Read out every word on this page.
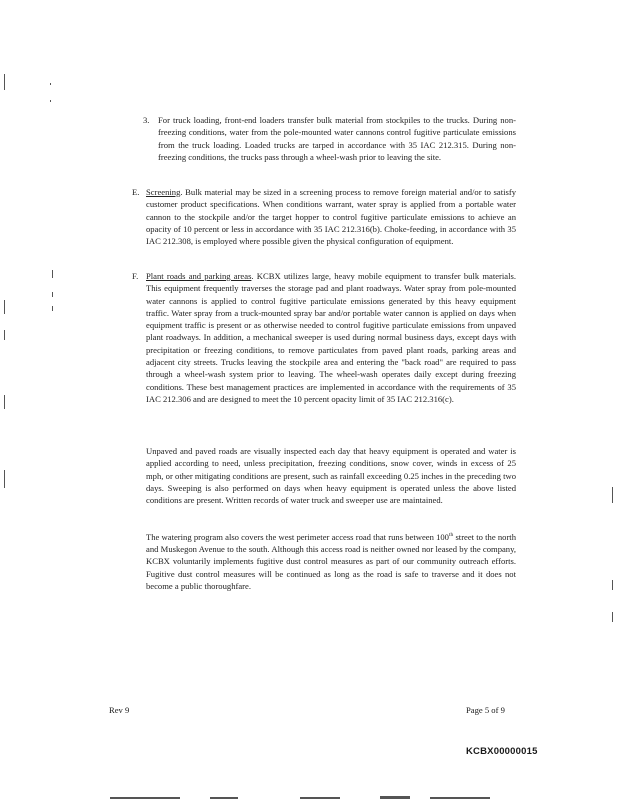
3. For truck loading, front-end loaders transfer bulk material from stockpiles to the trucks. During non-freezing conditions, water from the pole-mounted water cannons control fugitive particulate emissions from the truck loading. Loaded trucks are tarped in accordance with 35 IAC 212.315. During non-freezing conditions, the trucks pass through a wheel-wash prior to leaving the site.
E. Screening. Bulk material may be sized in a screening process to remove foreign material and/or to satisfy customer product specifications. When conditions warrant, water spray is applied from a portable water cannon to the stockpile and/or the target hopper to control fugitive particulate emissions to achieve an opacity of 10 percent or less in accordance with 35 IAC 212.316(b). Choke-feeding, in accordance with 35 IAC 212.308, is employed where possible given the physical configuration of equipment.
F. Plant roads and parking areas. KCBX utilizes large, heavy mobile equipment to transfer bulk materials. This equipment frequently traverses the storage pad and plant roadways. Water spray from pole-mounted water cannons is applied to control fugitive particulate emissions generated by this heavy equipment traffic. Water spray from a truck-mounted spray bar and/or portable water cannon is applied on days when equipment traffic is present or as otherwise needed to control fugitive particulate emissions from unpaved plant roadways. In addition, a mechanical sweeper is used during normal business days, except days with precipitation or freezing conditions, to remove particulates from paved plant roads, parking areas and adjacent city streets. Trucks leaving the stockpile area and entering the "back road" are required to pass through a wheel-wash system prior to leaving. The wheel-wash operates daily except during freezing conditions. These best management practices are implemented in accordance with the requirements of 35 IAC 212.306 and are designed to meet the 10 percent opacity limit of 35 IAC 212.316(c).
Unpaved and paved roads are visually inspected each day that heavy equipment is operated and water is applied according to need, unless precipitation, freezing conditions, snow cover, winds in excess of 25 mph, or other mitigating conditions are present, such as rainfall exceeding 0.25 inches in the preceding two days. Sweeping is also performed on days when heavy equipment is operated unless the above listed conditions are present. Written records of water truck and sweeper use are maintained.
The watering program also covers the west perimeter access road that runs between 100th street to the north and Muskegon Avenue to the south. Although this access road is neither owned nor leased by the company, KCBX voluntarily implements fugitive dust control measures as part of our community outreach efforts. Fugitive dust control measures will be continued as long as the road is safe to traverse and it does not become a public thoroughfare.
Rev 9	Page 5 of 9
KCBX00000015
